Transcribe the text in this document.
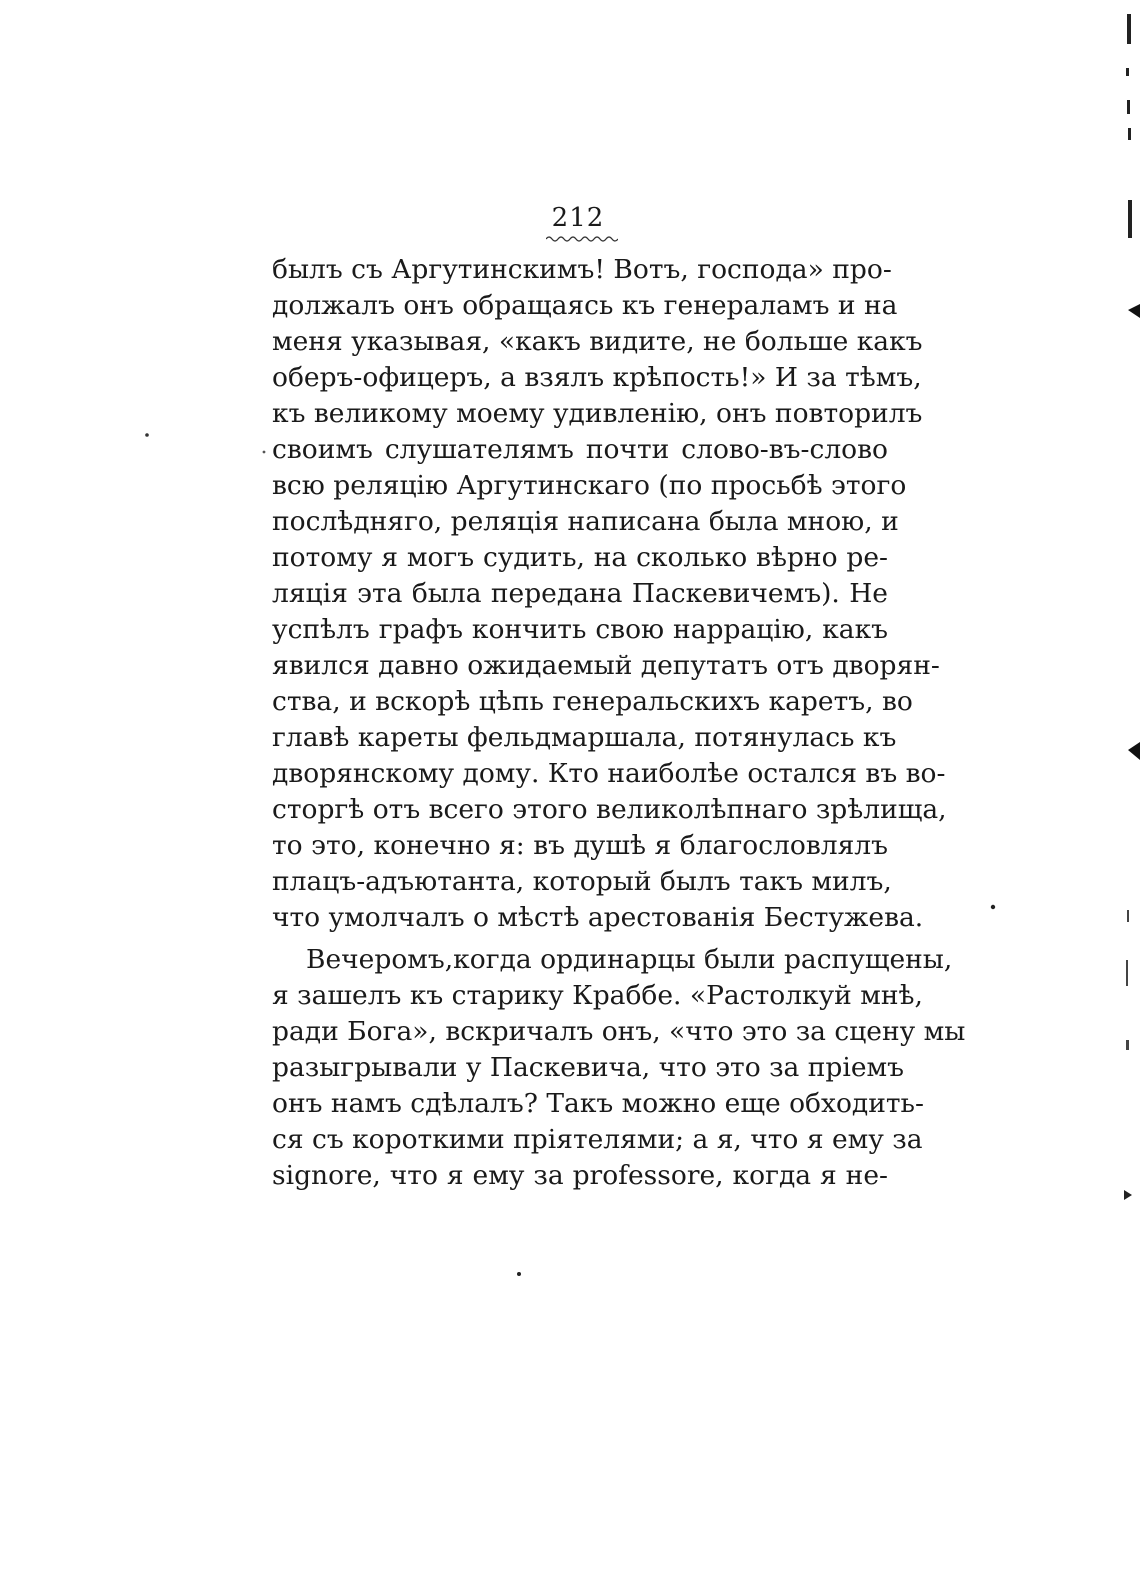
212
былъ съ Аргутинскимъ! Вотъ, господа» про-
должалъ онъ обращаясь къ генераламъ и на
меня указывая, «какъ видите, не больше какъ
оберъ-офицеръ, а взялъ крѣпость!» И за тѣмъ,
къ великому моему удивленію, онъ повторилъ
своимъ слушателямъ почти слово-въ-слово
всю реляцію Аргутинскаго (по просьбѣ этого
послѣдняго, реляція написана была мною, и
потому я могъ судить, на сколько вѣрно ре-
ляція эта была передана Паскевичемъ). Не
успѣлъ графъ кончить свою наррацію, какъ
явился давно ожидаемый депутатъ отъ дворян-
ства, и вскорѣ цѣпь генеральскихъ каретъ, во
главѣ кареты фельдмаршала, потянулась къ
дворянскому дому. Кто наиболѣе остался въ во-
сторгѣ отъ всего этого великолѣпнаго зрѣлища,
то это, конечно я: въ душѣ я благословлялъ
плацъ-адъютанта, который былъ такъ милъ,
что умолчалъ о мѣстѣ арестованія Бестужева.
Вечеромъ,когда ординарцы были распущены,
я зашелъ къ старику Краббе. «Растолкуй мнѣ,
ради Бога», вскричалъ онъ, «что это за сцену мы
разыгрывали у Паскевича, что это за пріемъ
онъ намъ сдѣлалъ? Такъ можно еще обходить-
ся съ короткими пріятелями; а я, что я ему за
signore, что я ему за professore, когда я не-
